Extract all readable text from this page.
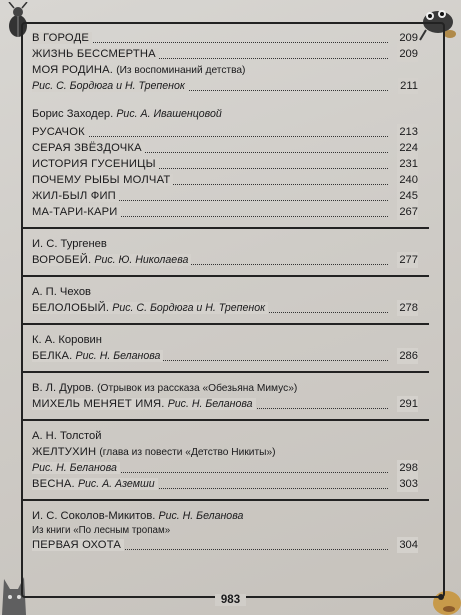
В ГОРОДЕ	209
ЖИЗНЬ БЕССМЕРТНА	209
МОЯ РОДИНА. (Из воспоминаний детства)
Рис. С. Бордюга и Н. Трепенок	211
Борис Заходер. Рис. А. Ивашенцовой
РУСАЧОК	213
СЕРАЯ ЗВЁЗДОЧКА	224
ИСТОРИЯ ГУСЕНИЦЫ	231
ПОЧЕМУ РЫБЫ МОЛЧАТ	240
ЖИЛ-БЫЛ ФИП	245
МА-ТАРИ-КАРИ	267
И. С. Тургенев
ВОРОБЕЙ. Рис. Ю. Николаева	277
А. П. Чехов
БЕЛОЛОБЫЙ. Рис. С. Бордюга и Н. Трепенок	278
К. А. Коровин
БЕЛКА. Рис. Н. Беланова	286
В. Л. Дуров. (Отрывок из рассказа «Обезьяна Мимус»)
МИХЕЛЬ МЕНЯЕТ ИМЯ. Рис. Н. Беланова	291
А. Н. Толстой
ЖЕЛТУХИН (глава из повести «Детство Никиты»)
Рис. Н. Беланова	298
ВЕСНА. Рис. А. Аземши	303
И. С. Соколов-Микитов. Рис. Н. Беланова
Из книги «По лесным тропам»
ПЕРВАЯ ОХОТА	304
983
